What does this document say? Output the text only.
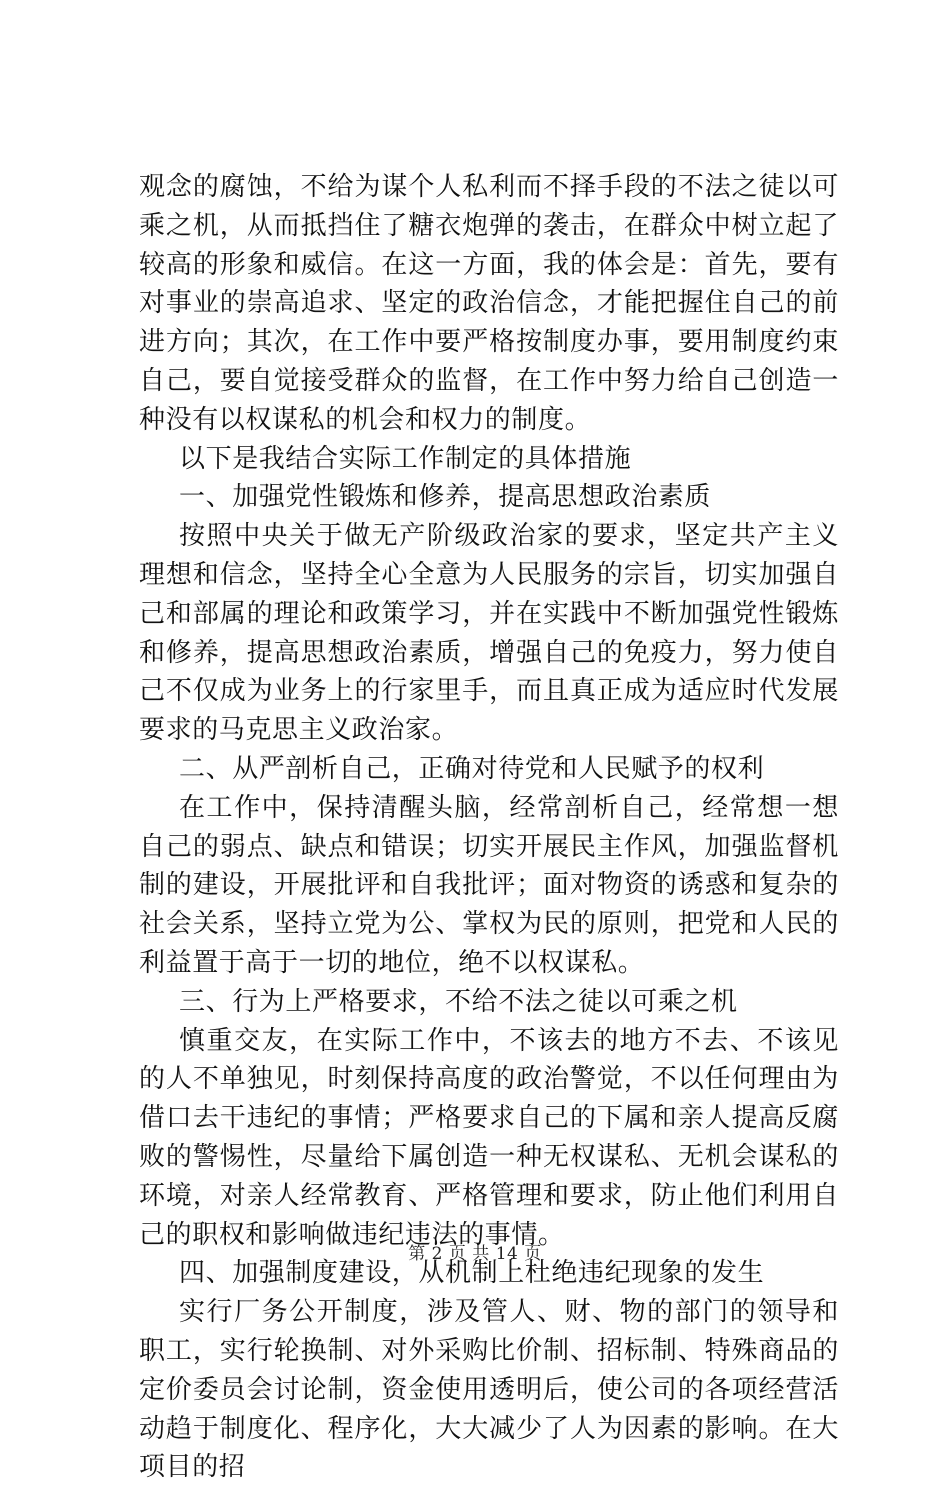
观念的腐蚀，不给为谋个人私利而不择手段的不法之徒以可乘之机，从而抵挡住了糖衣炮弹的袭击，在群众中树立起了较高的形象和威信。在这一方面，我的体会是：首先，要有对事业的崇高追求、坚定的政治信念，才能把握住自己的前进方向；其次，在工作中要严格按制度办事，要用制度约束自己，要自觉接受群众的监督，在工作中努力给自己创造一种没有以权谋私的机会和权力的制度。

以下是我结合实际工作制定的具体措施

一、加强党性锻炼和修养，提高思想政治素质

按照中央关于做无产阶级政治家的要求，坚定共产主义理想和信念，坚持全心全意为人民服务的宗旨，切实加强自己和部属的理论和政策学习，并在实践中不断加强党性锻炼和修养，提高思想政治素质，增强自己的免疫力，努力使自己不仅成为业务上的行家里手，而且真正成为适应时代发展要求的马克思主义政治家。

二、从严剖析自己，正确对待党和人民赋予的权利

在工作中，保持清醒头脑，经常剖析自己，经常想一想自己的弱点、缺点和错误；切实开展民主作风，加强监督机制的建设，开展批评和自我批评；面对物资的诱惑和复杂的社会关系，坚持立党为公、掌权为民的原则，把党和人民的利益置于高于一切的地位，绝不以权谋私。

三、行为上严格要求，不给不法之徒以可乘之机

慎重交友，在实际工作中，不该去的地方不去、不该见的人不单独见，时刻保持高度的政治警觉，不以任何理由为借口去干违纪的事情；严格要求自己的下属和亲人提高反腐败的警惕性，尽量给下属创造一种无权谋私、无机会谋私的环境，对亲人经常教育、严格管理和要求，防止他们利用自己的职权和影响做违纪违法的事情。

四、加强制度建设，从机制上杜绝违纪现象的发生

实行厂务公开制度，涉及管人、财、物的部门的领导和职工，实行轮换制、对外采购比价制、招标制、特殊商品的定价委员会讨论制，资金使用透明后，使公司的各项经营活动趋于制度化、程序化，大大减少了人为因素的影响。在大项目的招

第 2 页 共 14 页
